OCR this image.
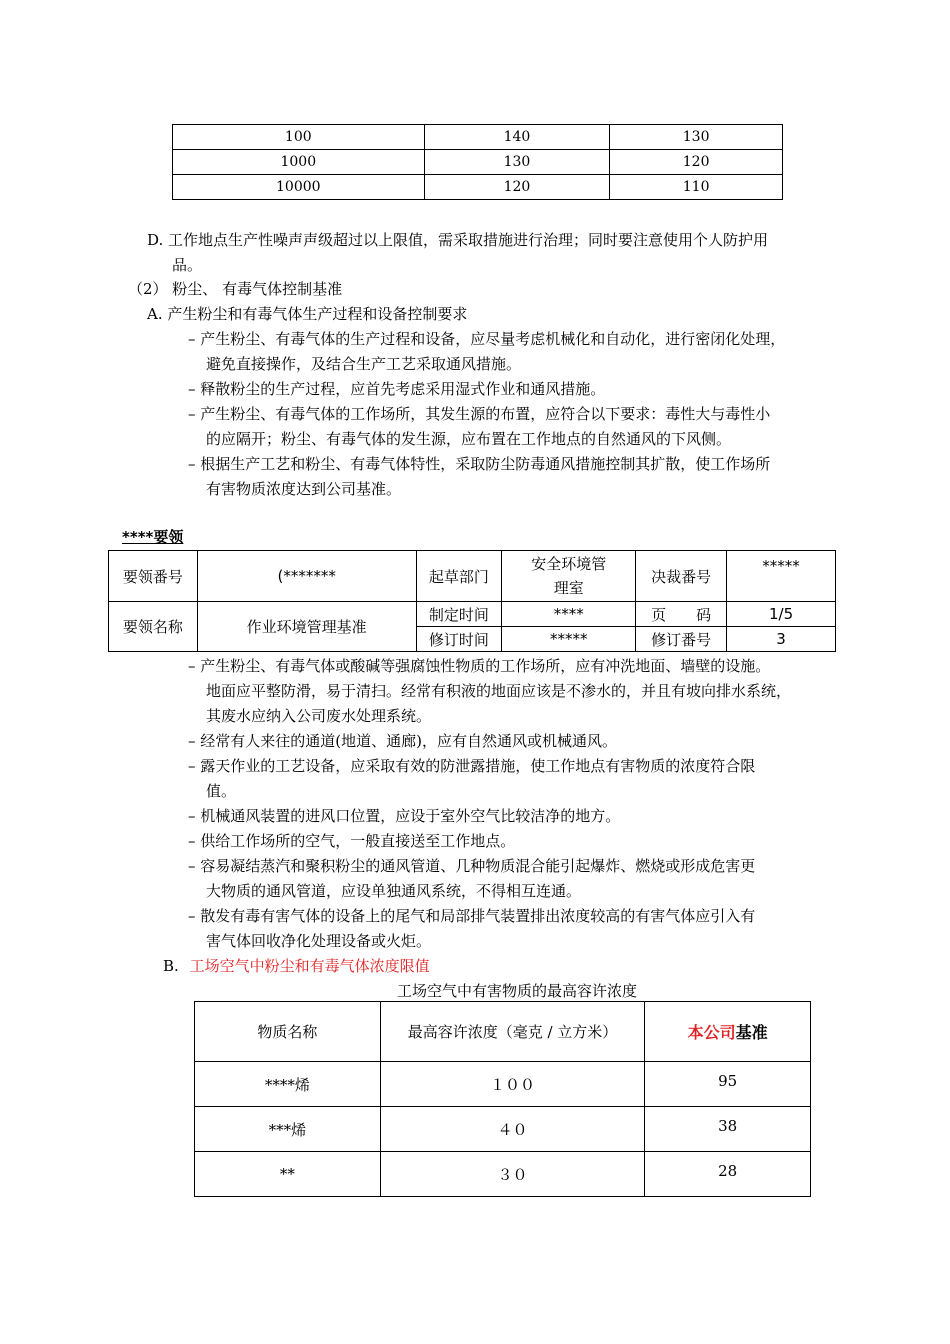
100	140	130
1000	130	120
10000	120	110
D. 工作地点生产性噪声声级超过以上限值，需采取措施进行治理；同时要注意使用个人防护用
品。
（2） 粉尘、 有毒气体控制基准
A. 产生粉尘和有毒气体生产过程和设备控制要求
– 产生粉尘、有毒气体的生产过程和设备，应尽量考虑机械化和自动化，进行密闭化处理，
避免直接操作，及结合生产工艺采取通风措施。
– 释散粉尘的生产过程，应首先考虑采用湿式作业和通风措施。
– 产生粉尘、有毒气体的工作场所，其发生源的布置，应符合以下要求：毒性大与毒性小
的应隔开；粉尘、有毒气体的发生源，应布置在工作地点的自然通风的下风侧。
– 根据生产工艺和粉尘、有毒气体特性，采取防尘防毒通风措施控制其扩散，使工作场所
有害物质浓度达到公司基准。
****要领
要领番号	(*******	起草部门	安全环境管理室	决裁番号	*****
要领名称	作业环境管理基准	制定时间	****	页　　码	1/5
		修订时间	*****	修订番号	3
– 产生粉尘、有毒气体或酸碱等强腐蚀性物质的工作场所，应有冲洗地面、墙壁的设施。
地面应平整防滑，易于清扫。经常有积液的地面应该是不渗水的，并且有坡向排水系统，
其废水应纳入公司废水处理系统。
– 经常有人来往的通道(地道、通廊)，应有自然通风或机械通风。
– 露天作业的工艺设备，应采取有效的防泄露措施，使工作地点有害物质的浓度符合限
值。
– 机械通风装置的进风口位置，应设于室外空气比较洁净的地方。
– 供给工作场所的空气，一般直接送至工作地点。
– 容易凝结蒸汽和聚积粉尘的通风管道、几种物质混合能引起爆炸、燃烧或形成危害更
大物质的通风管道，应设单独通风系统，不得相互连通。
– 散发有毒有害气体的设备上的尾气和局部排气装置排出浓度较高的有害气体应引入有
害气体回收净化处理设备或火炬。
B. 工场空气中粉尘和有毒气体浓度限值
工场空气中有害物质的最高容许浓度
物质名称	最高容许浓度（毫克 / 立方米）	本公司基准
****烯	１００	95
***烯	４０	38
**	３０	28
